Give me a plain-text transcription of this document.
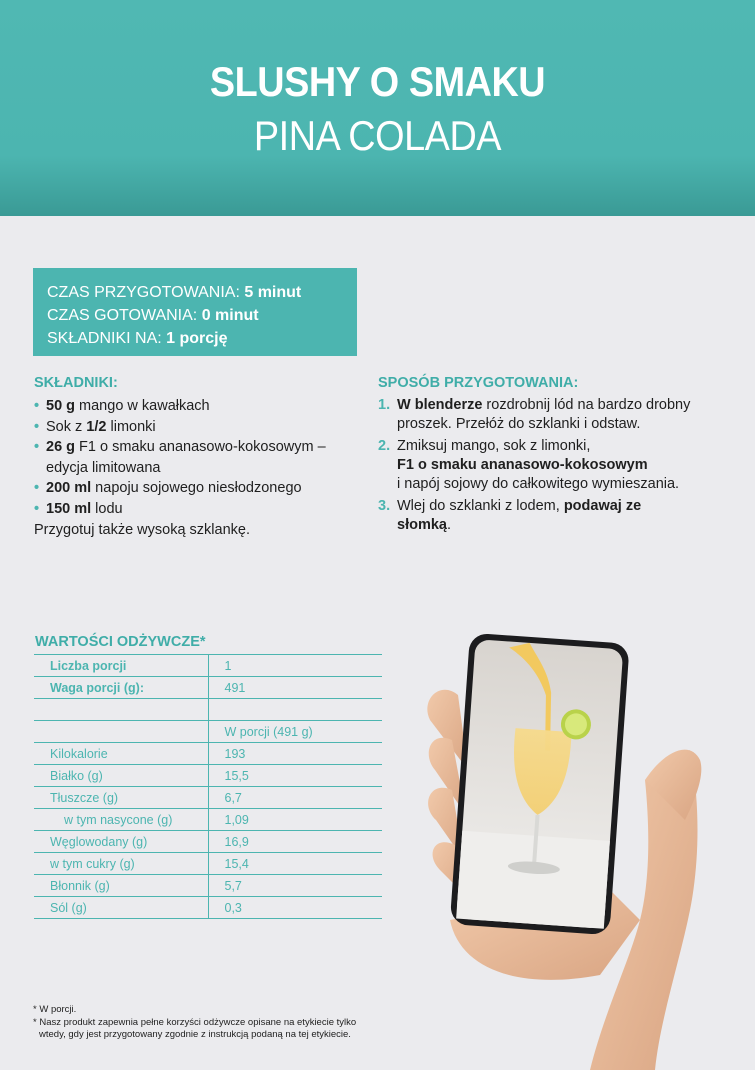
SLUSHY O SMAKU
PINA COLADA
CZAS PRZYGOTOWANIA: 5 minut
CZAS GOTOWANIA: 0 minut
SKŁADNIKI NA: 1 porcję
SKŁADNIKI:
• 50 g mango w kawałkach
• Sok z 1/2 limonki
• 26 g F1 o smaku ananasowo-kokosowym – edycja limitowana
• 200 ml napoju sojowego niesłodzonego
• 150 ml lodu
Przygotuj także wysoką szklankę.
SPOSÓB PRZYGOTOWANIA:
1. W blenderze rozdrobnij lód na bardzo drobny proszek. Przełóż do szklanki i odstaw.
2. Zmiksuj mango, sok z limonki,
F1 o smaku ananasowo-kokosowym
i napój sojowy do całkowitego wymieszania.
3. Wlej do szklanki z lodem, podawaj ze słomką.
WARTOŚCI ODŻYWCZE*
Liczba porcji	1
Waga porcji (g):	491

	W porcji (491 g)
Kilokalorie	193
Białko (g)	15,5
Tłuszcze (g)	6,7
w tym nasycone (g)	1,09
Węglowodany (g)	16,9
w tym cukry (g)	15,4
Błonnik (g)	5,7
Sól (g)	0,3
* W porcji.
* Nasz produkt zapewnia pełne korzyści odżywcze opisane na etykiecie tylko
wtedy, gdy jest przygotowany zgodnie z instrukcją podaną na tej etykiecie.
